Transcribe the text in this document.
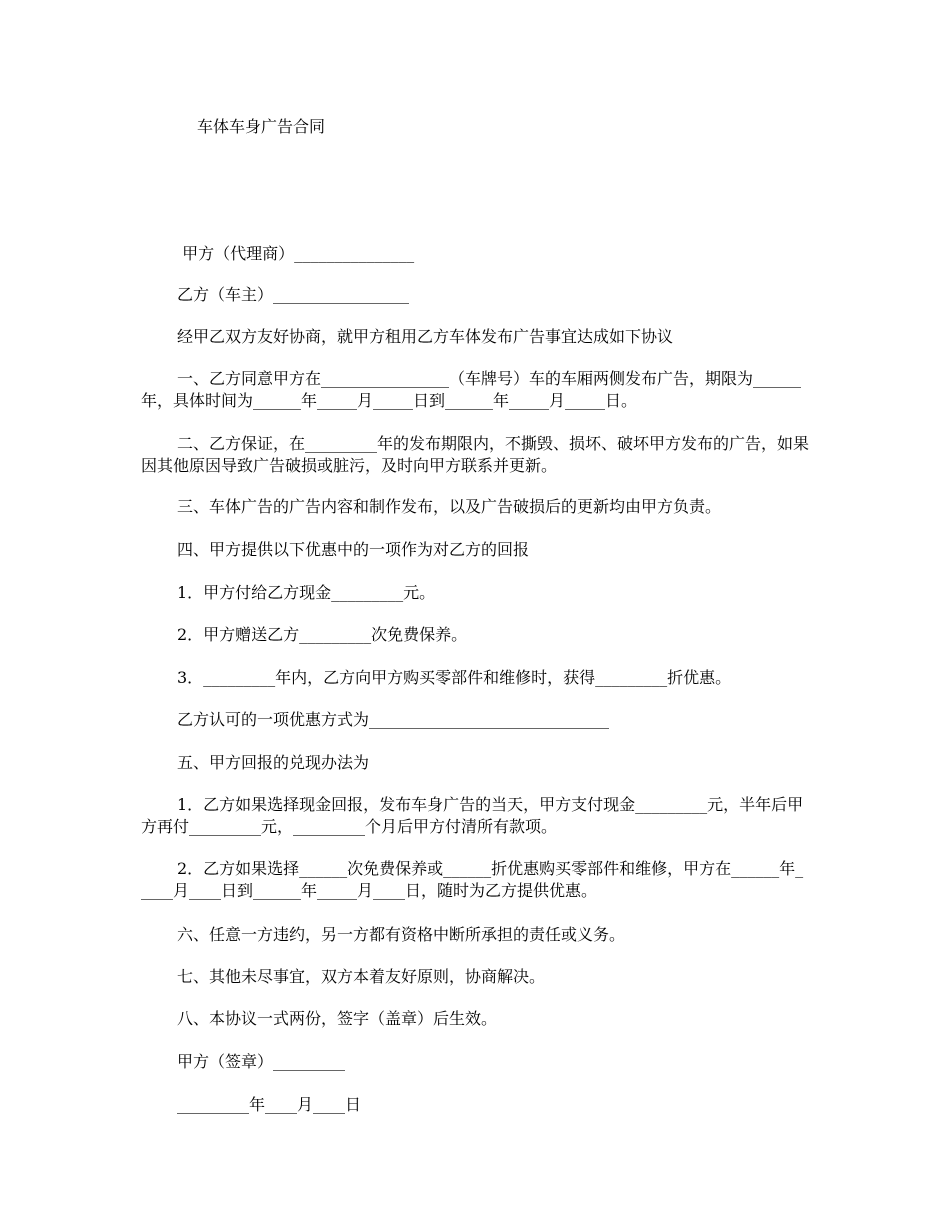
车体车身广告合同
甲方（代理商）_______________
乙方（车主）_________________
经甲乙双方友好协商，就甲方租用乙方车体发布广告事宜达成如下协议
一、乙方同意甲方在________________（车牌号）车的车厢两侧发布广告，期限为______年，具体时间为______年_____月_____日到______年_____月_____日。
二、乙方保证，在_________年的发布期限内，不撕毁、损坏、破坏甲方发布的广告，如果因其他原因导致广告破损或脏污，及时向甲方联系并更新。
三、车体广告的广告内容和制作发布，以及广告破损后的更新均由甲方负责。
四、甲方提供以下优惠中的一项作为对乙方的回报
1．甲方付给乙方现金_________元。
2．甲方赠送乙方_________次免费保养。
3．_________年内，乙方向甲方购买零部件和维修时，获得_________折优惠。
乙方认可的一项优惠方式为______________________________
五、甲方回报的兑现办法为
1．乙方如果选择现金回报，发布车身广告的当天，甲方支付现金_________元，半年后甲方再付_________元，_________个月后甲方付清所有款项。
2．乙方如果选择______次免费保养或______折优惠购买零部件和维修，甲方在______年_____月____日到______年_____月____日，随时为乙方提供优惠。
六、任意一方违约，另一方都有资格中断所承担的责任或义务。
七、其他未尽事宜，双方本着友好原则，协商解决。
八、本协议一式两份，签字（盖章）后生效。
甲方（签章）_________
_________年____月____日
